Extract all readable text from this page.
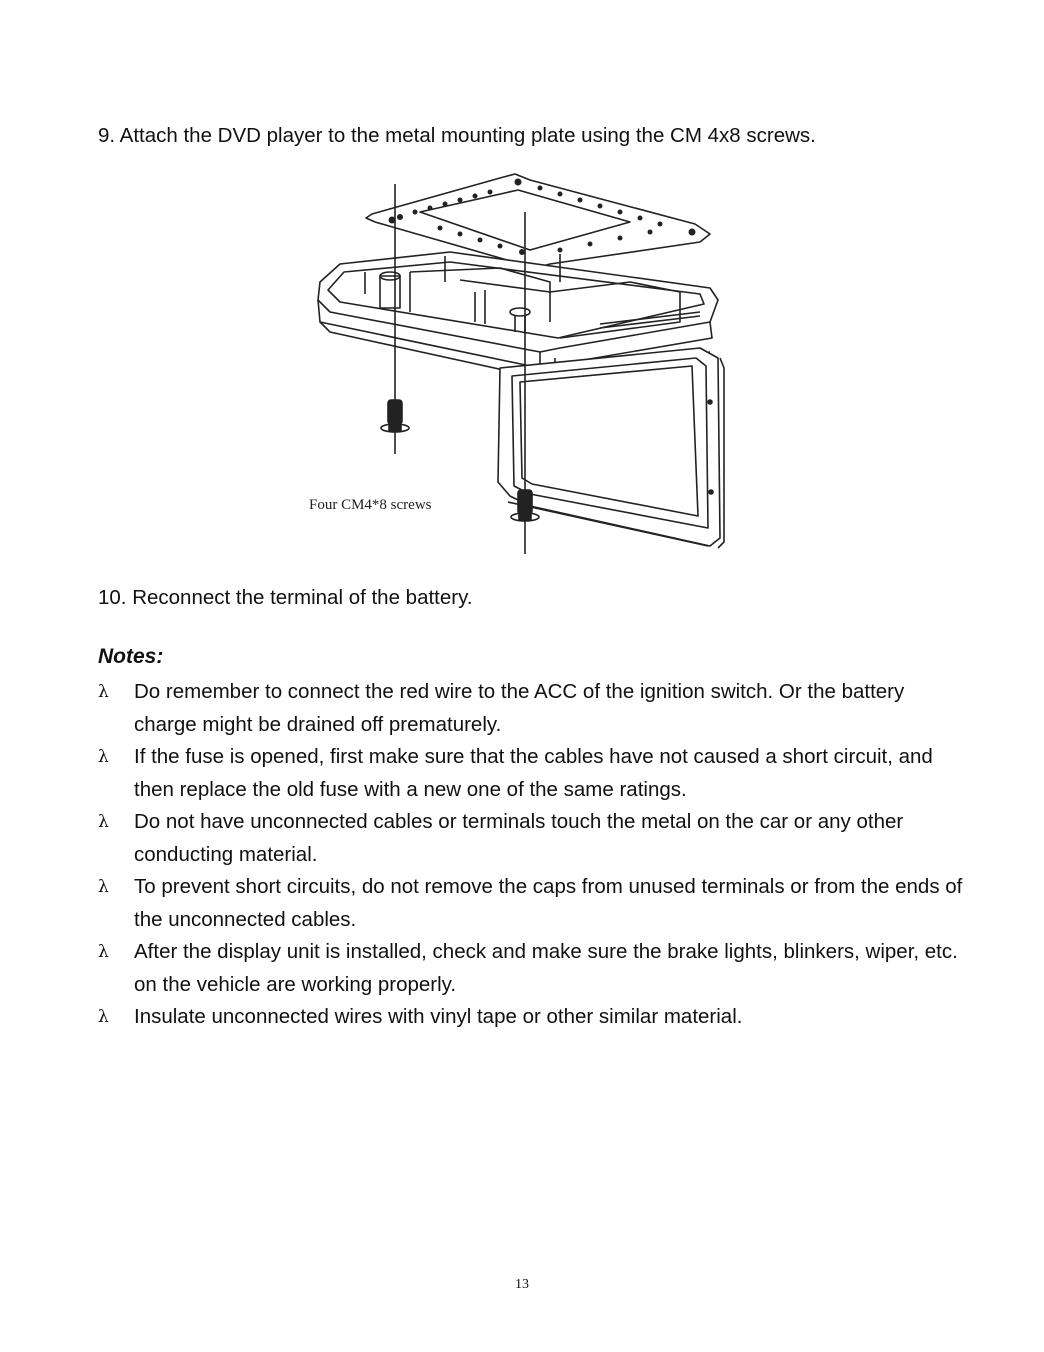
9. Attach the DVD player to the metal mounting plate using the CM 4x8 screws.

Four CM4*8 screws

10. Reconnect the terminal of the battery.

Notes:

λ	Do remember to connect the red wire to the ACC of the ignition switch. Or the battery charge might be drained off prematurely.
λ	If the fuse is opened, first make sure that the cables have not caused a short circuit, and then replace the old fuse with a new one of the same ratings.
λ	Do not have unconnected cables or terminals touch the metal on the car or any other conducting material.
λ	To prevent short circuits, do not remove the caps from unused terminals or from the ends of the unconnected cables.
λ	After the display unit is installed, check and make sure the brake lights, blinkers, wiper, etc. on the vehicle are working properly.
λ	Insulate unconnected wires with vinyl tape or other similar material.
13
